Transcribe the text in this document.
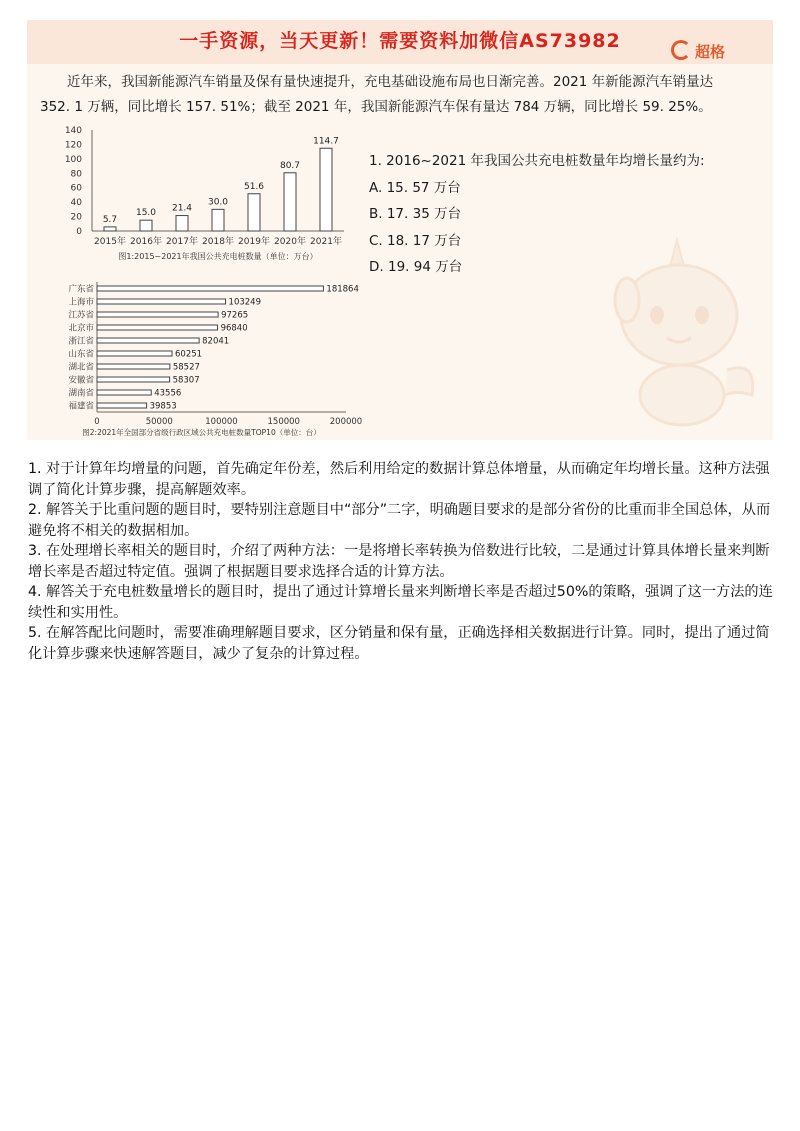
一手资源，当天更新！需要资料加微信AS73982	超格

近年来，我国新能源汽车销量及保有量快速提升，充电基础设施布局也日渐完善。2021 年新能源汽车销量达

352. 1 万辆，同比增长 157. 51%；截至 2021 年，我国新能源汽车保有量达 784 万辆，同比增长 59. 25%。
0
20
40
60
80
100
120
140
5.7
2015年
15.0
2016年
21.4
2017年
30.0
2018年
51.6
2019年
80.7
2020年
114.7
2021年
图1:2015~2021年我国公共充电桩数量（单位：万台）
广东省	181864
上海市	103249
江苏省	97265
北京市	96840
浙江省	82041
山东省	60251
湖北省	58527
安徽省	58307
湖南省	43556
福建省	39853
0	50000	100000	150000	200000
图2:2021年全国部分省级行政区域公共充电桩数量TOP10（单位：台）
1. 2016~2021 年我国公共充电桩数量年均增长量约为:
A. 15. 57 万台
B. 17. 35 万台
C. 18. 17 万台
D. 19. 94 万台

1. 对于计算年均增量的问题，首先确定年份差，然后利用给定的数据计算总体增量，从而确定年均增长量。这种方法强调了简化计算步骤，提高解题效率。

2. 解答关于比重问题的题目时，要特别注意题目中“部分”二字，明确题目要求的是部分省份的比重而非全国总体，从而避免将不相关的数据相加。

3. 在处理增长率相关的题目时，介绍了两种方法：一是将增长率转换为倍数进行比较，二是通过计算具体增长量来判断增长率是否超过特定值。强调了根据题目要求选择合适的计算方法。

4. 解答关于充电桩数量增长的题目时，提出了通过计算增长量来判断增长率是否超过50%的策略，强调了这一方法的连续性和实用性。

5. 在解答配比问题时，需要准确理解题目要求，区分销量和保有量，正确选择相关数据进行计算。同时，提出了通过简化计算步骤来快速解答题目，减少了复杂的计算过程。
